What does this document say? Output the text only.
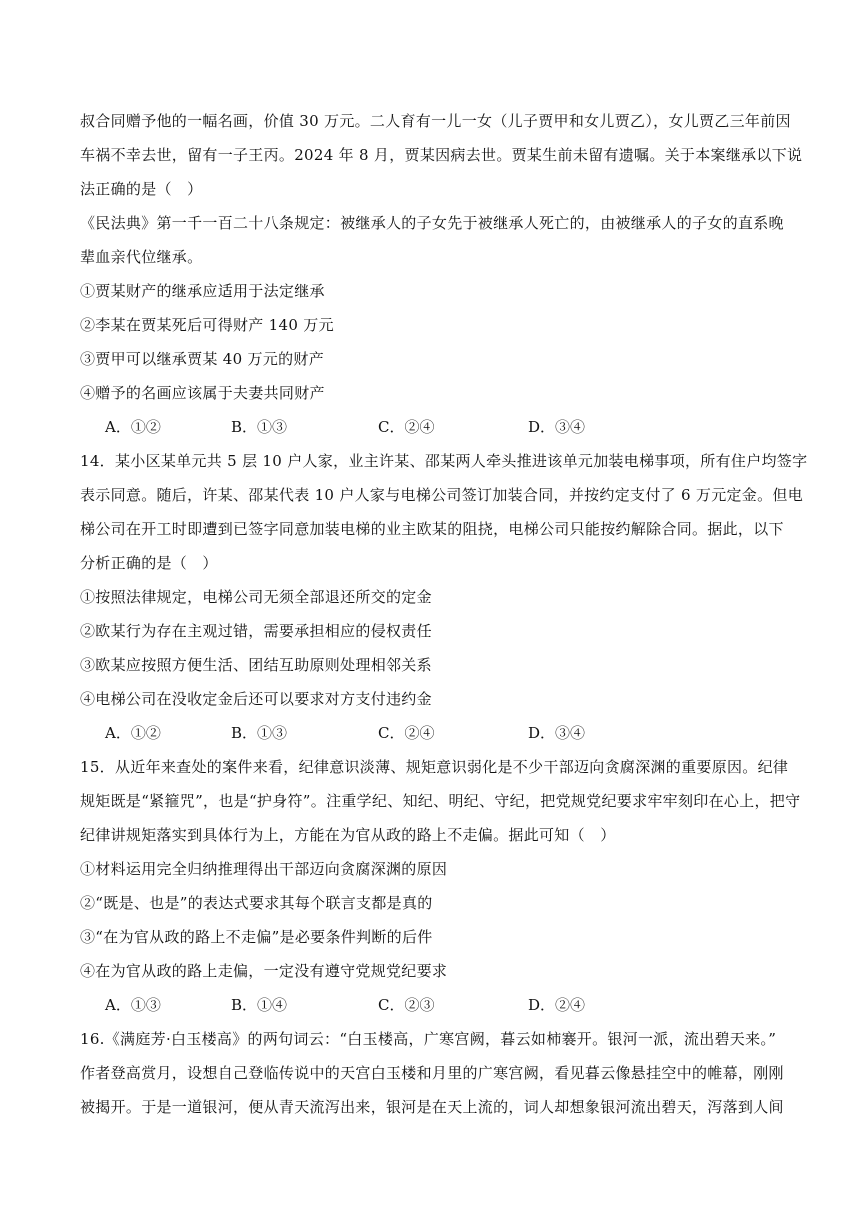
叔合同赠予他的一幅名画，价值 30 万元。二人育有一儿一女（儿子贾甲和女儿贾乙），女儿贾乙三年前因
车祸不幸去世，留有一子王丙。2024 年 8 月，贾某因病去世。贾某生前未留有遗嘱。关于本案继承以下说
法正确的是（　）
《民法典》第一千一百二十八条规定：被继承人的子女先于被继承人死亡的，由被继承人的子女的直系晚
辈血亲代位继承。
①贾某财产的继承应适用于法定继承
②李某在贾某死后可得财产 140 万元
③贾甲可以继承贾某 40 万元的财产
④赠予的名画应该属于夫妻共同财产
A．①②	B．①③	C．②④	D．③④
14．某小区某单元共 5 层 10 户人家，业主许某、邵某两人牵头推进该单元加装电梯事项，所有住户均签字
表示同意。随后，许某、邵某代表 10 户人家与电梯公司签订加装合同，并按约定支付了 6 万元定金。但电
梯公司在开工时即遭到已签字同意加装电梯的业主欧某的阻挠，电梯公司只能按约解除合同。据此，以下
分析正确的是（　）
①按照法律规定，电梯公司无须全部退还所交的定金
②欧某行为存在主观过错，需要承担相应的侵权责任
③欧某应按照方便生活、团结互助原则处理相邻关系
④电梯公司在没收定金后还可以要求对方支付违约金
A．①②	B．①③	C．②④	D．③④
15．从近年来查处的案件来看，纪律意识淡薄、规矩意识弱化是不少干部迈向贪腐深渊的重要原因。纪律
规矩既是“紧箍咒”，也是“护身符”。注重学纪、知纪、明纪、守纪，把党规党纪要求牢牢刻印在心上，把守
纪律讲规矩落实到具体行为上，方能在为官从政的路上不走偏。据此可知（　）
①材料运用完全归纳推理得出干部迈向贪腐深渊的原因
②“既是、也是”的表达式要求其每个联言支都是真的
③“在为官从政的路上不走偏”是必要条件判断的后件
④在为官从政的路上走偏，一定没有遵守党规党纪要求
A．①③	B．①④	C．②③	D．②④
16.《满庭芳·白玉楼高》的两句词云：“白玉楼高，广寒宫阙，暮云如柿褰开。银河一派，流出碧天来。”
作者登高赏月，设想自己登临传说中的天宫白玉楼和月里的广寒宫阙，看见暮云像悬挂空中的帷幕，刚刚
被揭开。于是一道银河，便从青天流泻出来，银河是在天上流的，词人却想象银河流出碧天，泻落到人间
